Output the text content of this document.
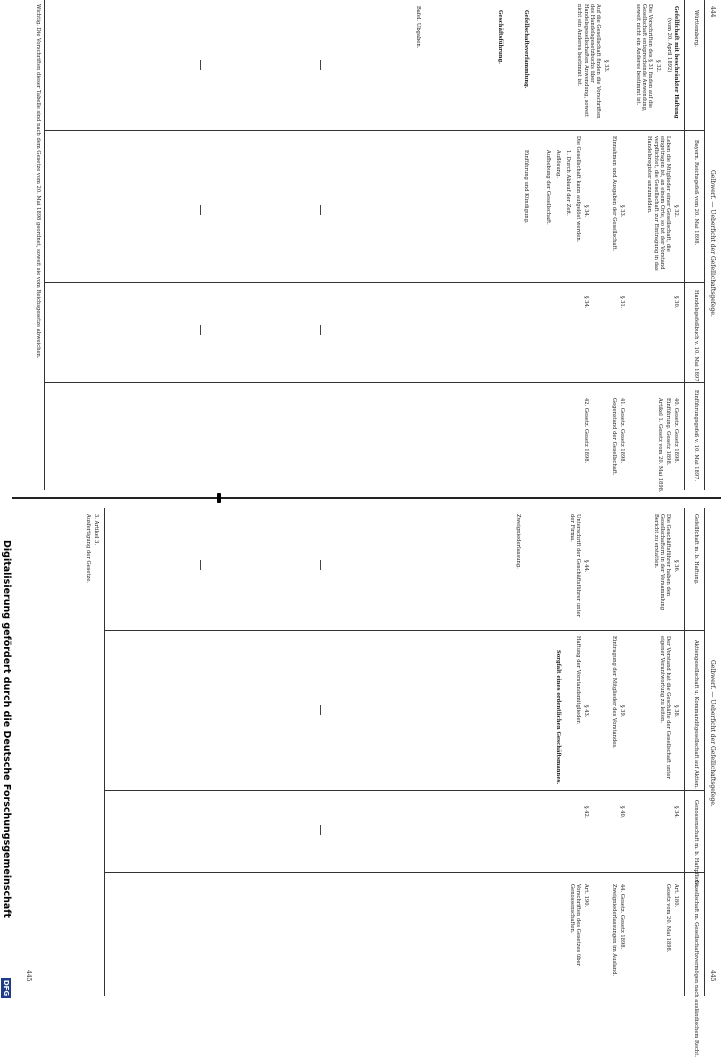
444
Gelbwerf. — Ueberficht der Gefellichaftsgefege.
Württemberg.
Bayern. Reichsgefeß vom 20. Mai 1898.
Handelsgefeßbuch v. 10. Mai 1897.
Einführungsgefeß v. 10. Mai 1897.
Gefellfchaft mit beschränkter Haftung
(vom 20. April 1892)
§ 32.
Die Vorschriften des § 31 finden auf die Gesellschaft entsprechende Anwendung, soweit nicht ein Anderes bestimmt ist.
§ 33.
Auf die Gesellschaft finden die Vorschriften des Handelsgesetzbuchs über Handelsgesellschaften Anwendung, soweit nicht ein Anderes bestimmt ist.
§ 32.
Leben die Mitglieder einer Gesellschaft, die eingetragen ist, an einem Orte, so ist der Vorstand verpflichtet, die Gesellschaft zur Eintragung in das Handelsregister anzumelden.
§ 33.
Einnahmen und Ausgaben der Gesellschaft.
§ 34.
Die Gesellschaft kann aufgelöst werden.
1. Durch Ablauf der Zeit.
Auflösung.
Aufhebung der Gesellschaft.
§ 30.
§ 31.
§ 34.
40. Gesetz. Gesetz 1898.
Einführung. Gesetz 1898.
Artikel 1. Gesetz vom 20. Mai 1898.
41. Gesetz. Gesetz 1898.
Gegenstand der Gesellschaft.
42. Gesetz. Gesetz 1898.
Gefellschaftsverfammlung.
Einführung und Kündigung.
Geschäftsführung.
Bafel. Ubgaben.
Wichtig. Die Vorschriften dieser Tabelle sind nach dem Gesetze vom 20. Mai 1898 geordnet, soweit sie vom Reichsgesetze abweichen.
445
Gelbwerf. — Ueberficht der Gefellichaftsgefege.
Gefellfchaft m. b. Haftung.
Aktiengesellschaft u. Kommanditgesellschaft auf Aktien.
Genossenschaft m. b. Haftpflicht.
Gesellschaft m. Gesellschaftsvermögen nach ausländischem Recht.
§ 36.
Die Geschäftsführer haben den Gesellschaftern in der Versammlung Bericht zu erstatten.
§ 44.
Unterschrift der Geschäftsführer unter der Firma.
Zweigniederlassung.
§ 38.
Der Vorstand hat die Geschäfte der Gesellschaft unter eigener Verantwortung zu leiten.
§ 39.
Eintragung der Mitglieder des Vorstandes.
§ 43.
Haftung der Vorstandsmitglieder.
Sorgfalt eines ordentlichen Geschäftsmannes.
§ 34.
§ 40.
§ 42.
Art. 180.
Gesetz vom 20. Mai 1898.
44. Gesetz. Gesetz 1898.
Zweigniederlassungen im Ausland.
Art. 190.
Vorschriften des Gesetzes über Genossenschaften.
3. Artikel 3.
Ausfertigung der Gesetze.
445
Digitalisierung gefördert durch die Deutsche Forschungsgemeinschaft
DFG
